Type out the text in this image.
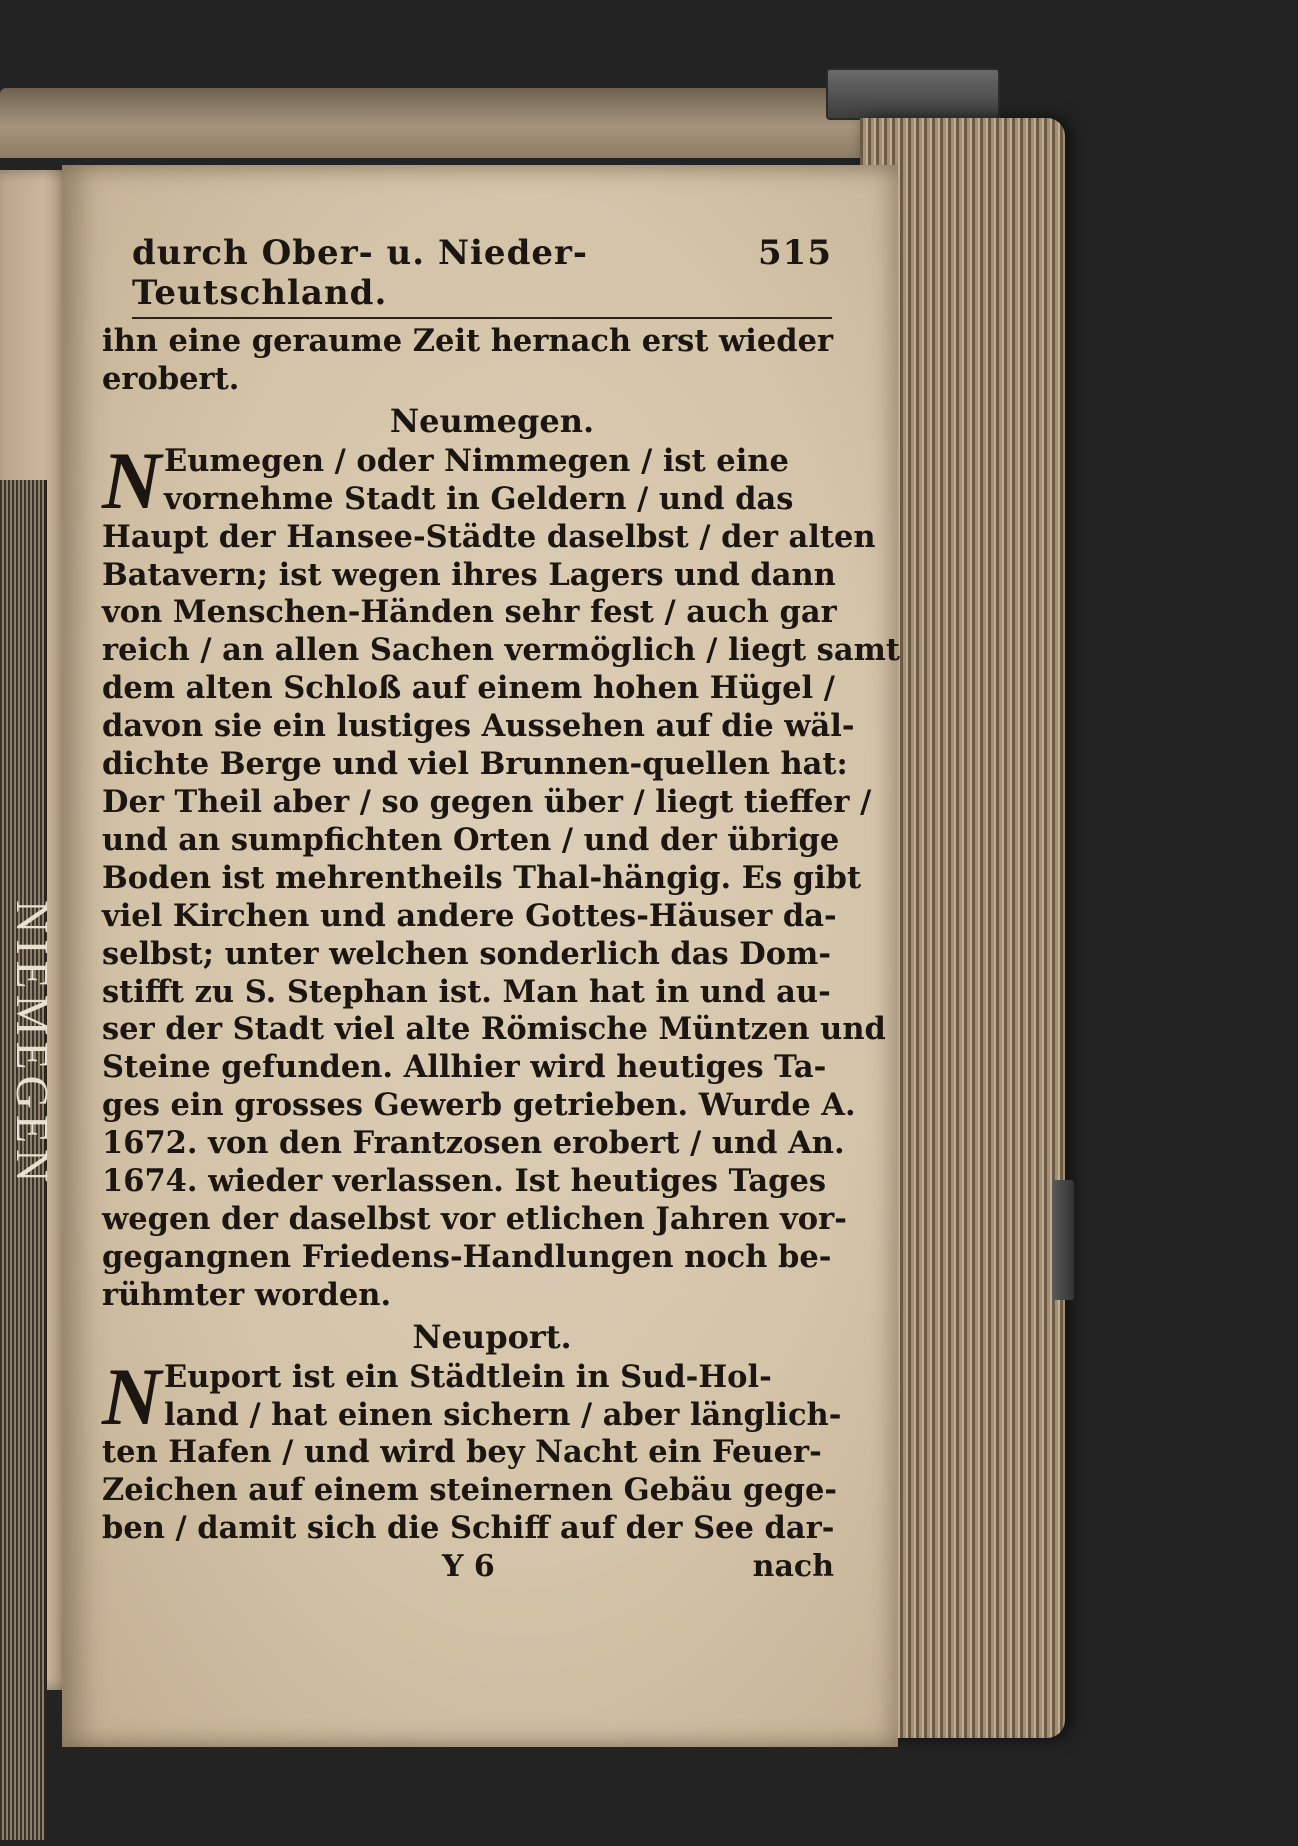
NIEMEGEN
durch Ober- u. Nieder-Teutschland.
515
ihn eine geraume Zeit hernach erst wieder
erobert.
Neumegen.
N Eumegen / oder Nimmegen / ist eine
vornehme Stadt in Geldern / und das
Haupt der Hansee-Städte daselbst / der alten
Batavern; ist wegen ihres Lagers und dann
von Menschen-Händen sehr fest / auch gar
reich / an allen Sachen vermöglich / liegt samt
dem alten Schloß auf einem hohen Hügel /
davon sie ein lustiges Aussehen auf die wäl-
dichte Berge und viel Brunnen-quellen hat:
Der Theil aber / so gegen über / liegt tieffer /
und an sumpfichten Orten / und der übrige
Boden ist mehrentheils Thal-hängig. Es gibt
viel Kirchen und andere Gottes-Häuser da-
selbst; unter welchen sonderlich das Dom-
stifft zu S. Stephan ist. Man hat in und au-
ser der Stadt viel alte Römische Müntzen und
Steine gefunden. Allhier wird heutiges Ta-
ges ein grosses Gewerb getrieben. Wurde A.
1672. von den Frantzosen erobert / und An.
1674. wieder verlassen. Ist heutiges Tages
wegen der daselbst vor etlichen Jahren vor-
gegangnen Friedens-Handlungen noch be-
rühmter worden.
Neuport.
N Euport ist ein Städtlein in Sud-Hol-
land / hat einen sichern / aber länglich-
ten Hafen / und wird bey Nacht ein Feuer-
Zeichen auf einem steinernen Gebäu gege-
ben / damit sich die Schiff auf der See dar-
Y 6	nach
